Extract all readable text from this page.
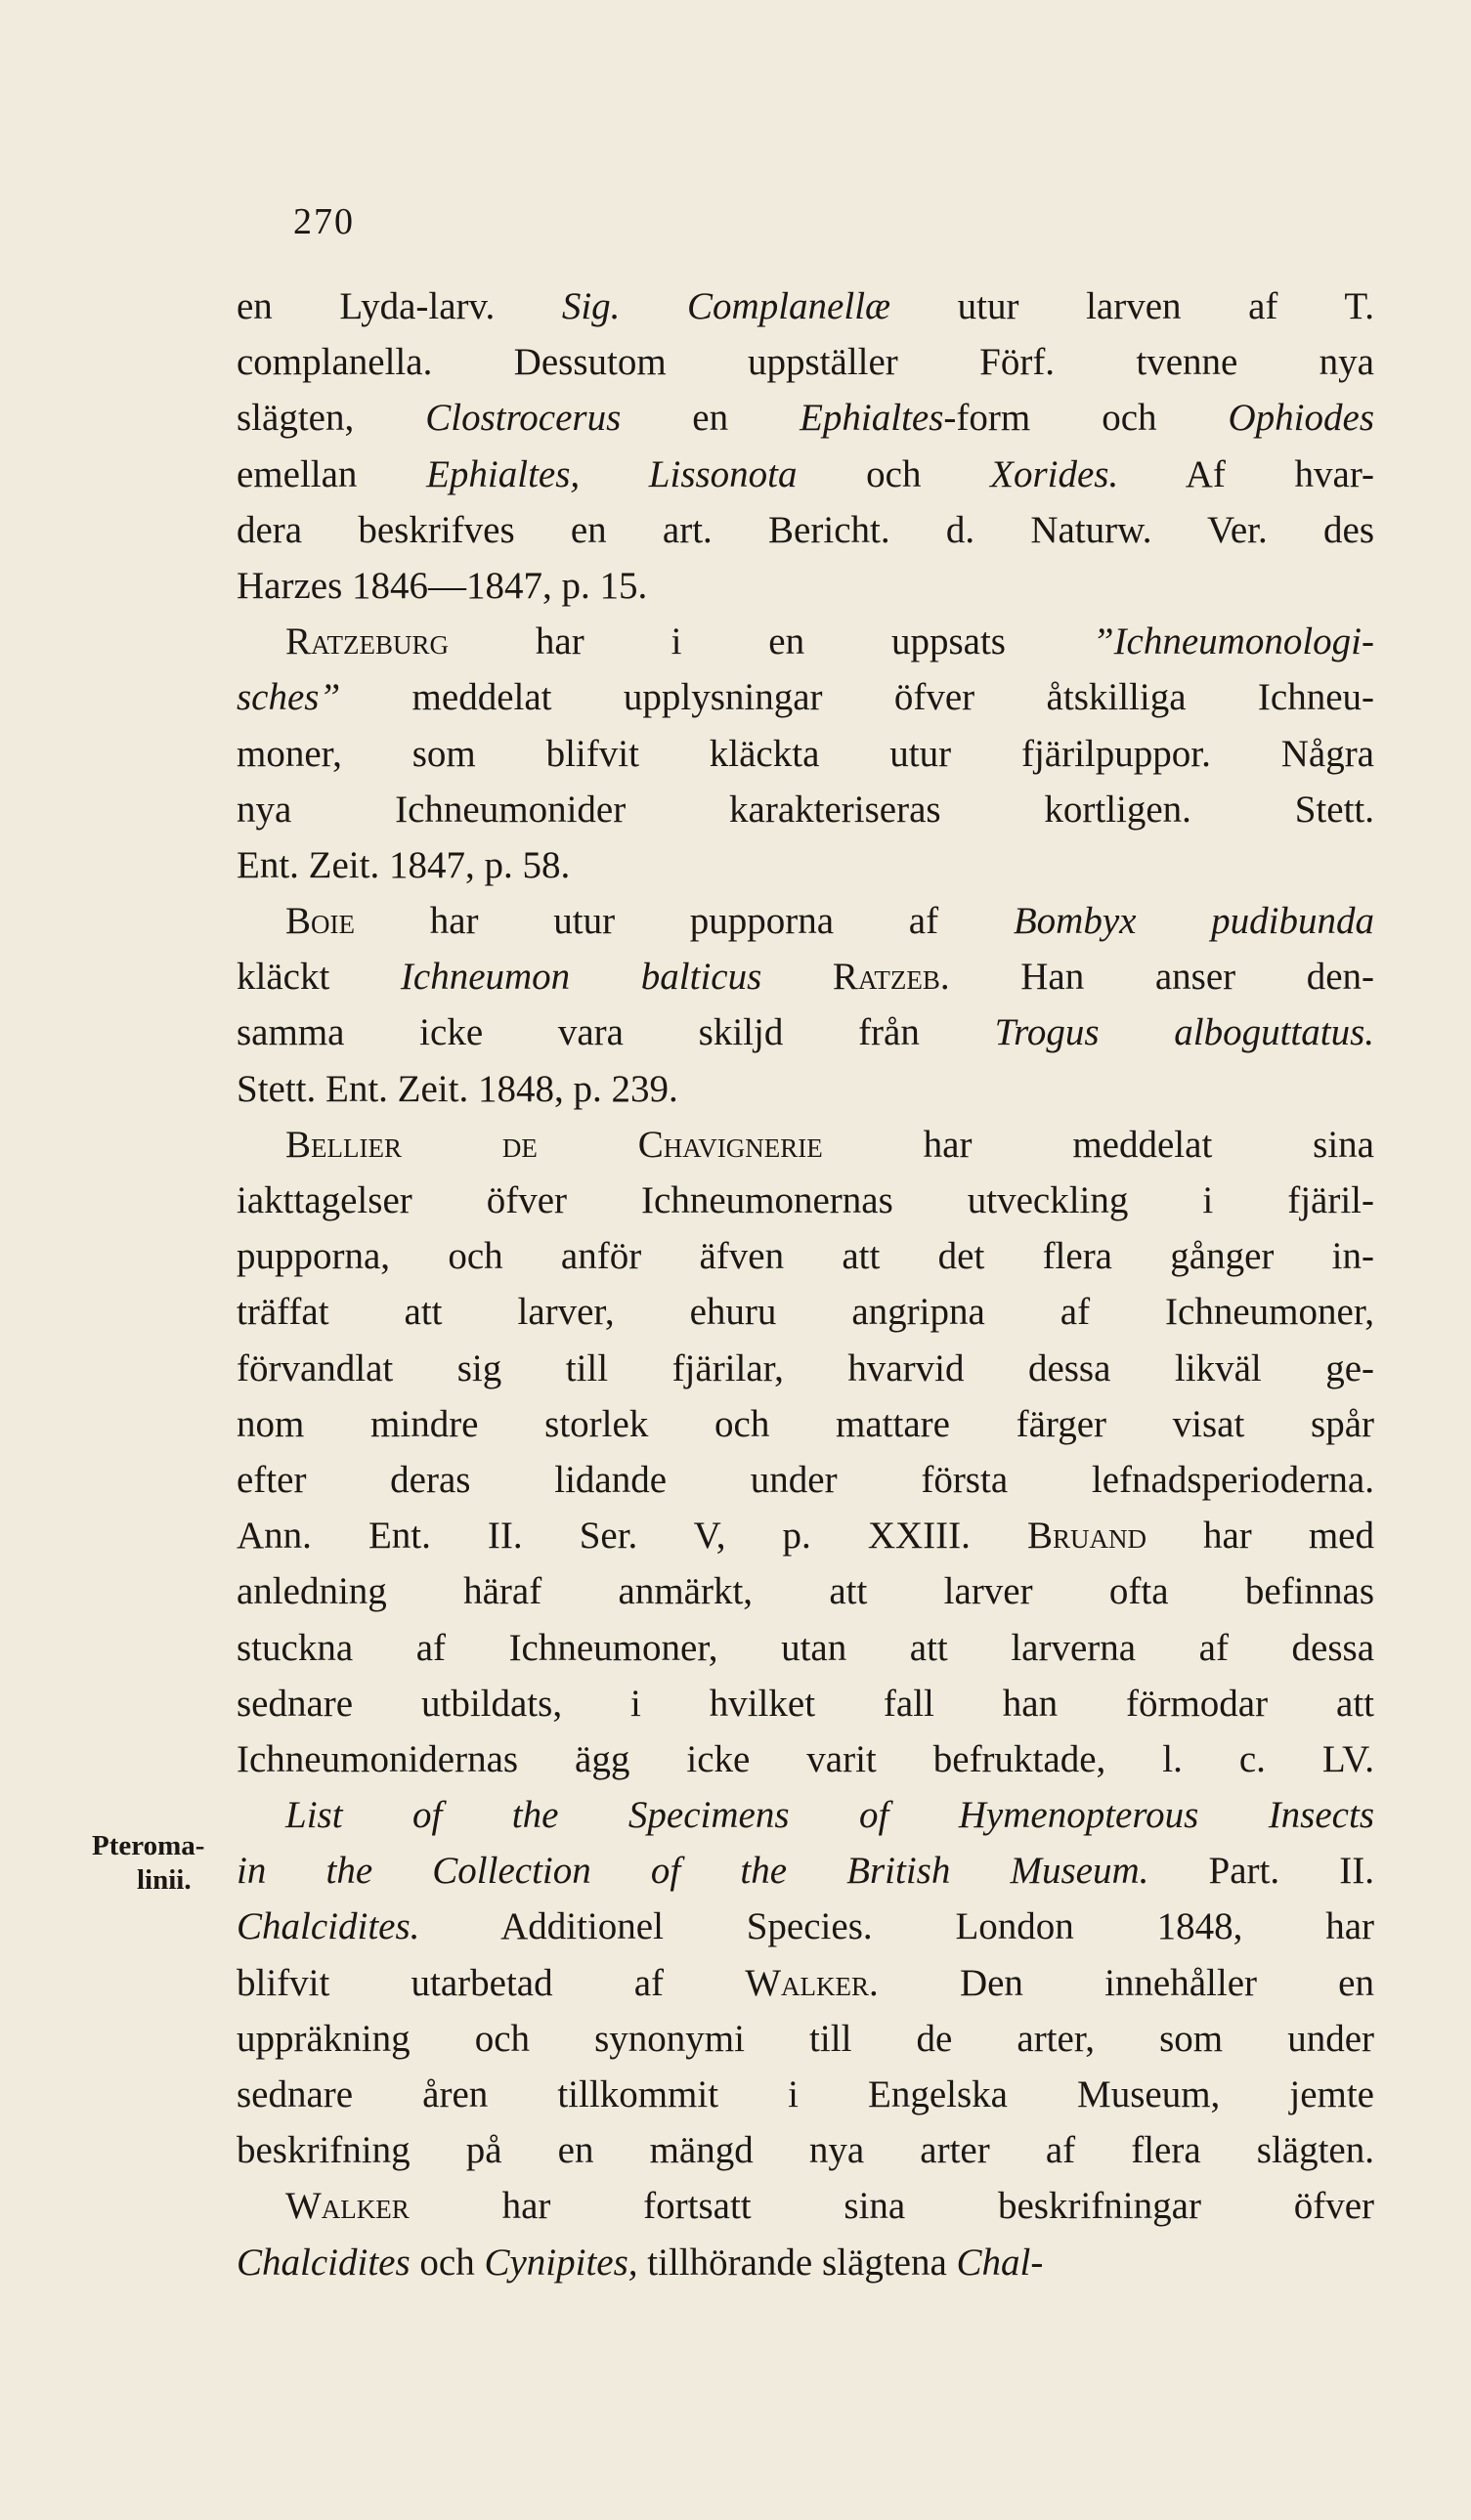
270
Pteroma-
linii.
en Lyda-larv. Sig. Complanellæ utur larven af T.
complanella. Dessutom uppställer Förf. tvenne nya
slägten, Clostrocerus en Ephialtes-form och Ophiodes
emellan Ephialtes, Lissonota och Xorides. Af hvar-
dera beskrifves en art. Bericht. d. Naturw. Ver. des
Harzes 1846—1847, p. 15.
Ratzeburg har i en uppsats ”Ichneumonologi-
sches” meddelat upplysningar öfver åtskilliga Ichneu-
moner, som blifvit kläckta utur fjärilpuppor. Några
nya Ichneumonider karakteriseras kortligen. Stett.
Ent. Zeit. 1847, p. 58.
Boie har utur pupporna af Bombyx pudibunda
kläckt Ichneumon balticus Ratzeb. Han anser den-
samma icke vara skiljd från Trogus alboguttatus.
Stett. Ent. Zeit. 1848, p. 239.
Bellier de Chavignerie har meddelat sina
iakttagelser öfver Ichneumonernas utveckling i fjäril-
pupporna, och anför äfven att det flera gånger in-
träffat att larver, ehuru angripna af Ichneumoner,
förvandlat sig till fjärilar, hvarvid dessa likväl ge-
nom mindre storlek och mattare färger visat spår
efter deras lidande under första lefnadsperioderna.
Ann. Ent. II. Ser. V, p. XXIII. Bruand har med
anledning häraf anmärkt, att larver ofta befinnas
stuckna af Ichneumoner, utan att larverna af dessa
sednare utbildats, i hvilket fall han förmodar att
Ichneumonidernas ägg icke varit befruktade, l. c. LV.
List of the Specimens of Hymenopterous Insects
in the Collection of the British Museum. Part. II.
Chalcidites. Additionel Species. London 1848, har
blifvit utarbetad af Walker. Den innehåller en
uppräkning och synonymi till de arter, som under
sednare åren tillkommit i Engelska Museum, jemte
beskrifning på en mängd nya arter af flera slägten.
Walker har fortsatt sina beskrifningar öfver
Chalcidites och Cynipites, tillhörande slägtena Chal-
